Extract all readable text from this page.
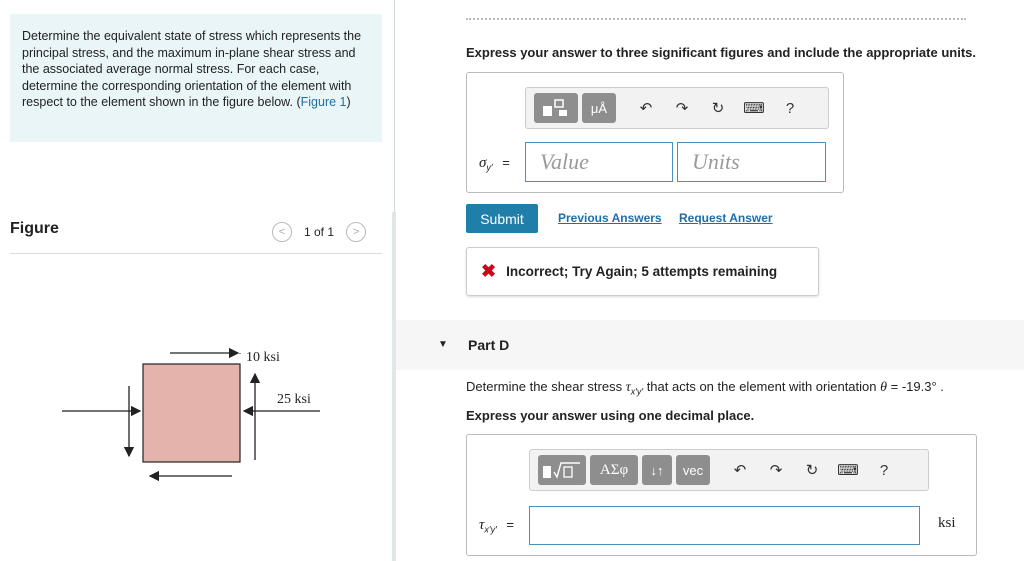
Determine the equivalent state of stress which represents the principal stress, and the maximum in-plane shear stress and the associated average normal stress. For each case, determine the corresponding orientation of the element with respect to the element shown in the figure below. (Figure 1)
Figure	< 1 of 1 >
10 ksi
25 ksi
Express your answer to three significant figures and include the appropriate units.
μÅ	↶	↷	↻	⌨	?
$\sigma_{y'}$ =	Value	Units
Submit	Previous Answers Request Answer
✖ Incorrect; Try Again; 5 attempts remaining
▼ Part D
Determine the shear stress $\tau_{x'y'}$ that acts on the element with orientation θ = -19.3° .
Express your answer using one decimal place.
ΑΣφ	↓↑	vec	↶	↷	↻	⌨	?
$\tau_{x'y'}$ =	ksi
